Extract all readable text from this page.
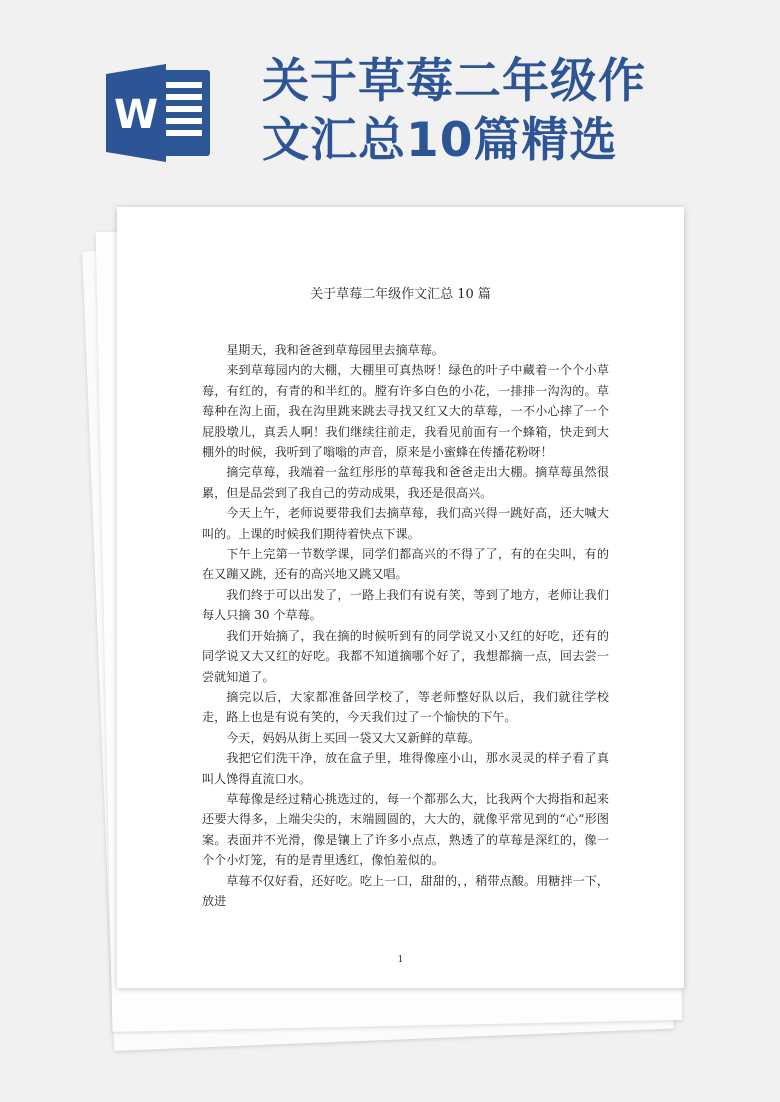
W
关于草莓二年级作
文汇总10篇精选
关于草莓二年级作文汇总 10 篇

星期天，我和爸爸到草莓园里去摘草莓。

来到草莓园内的大棚，大棚里可真热呀！绿色的叶子中藏着一个个小草莓，有红的，有青的和半红的。膛有许多白色的小花，一排排一沟沟的。草莓种在沟上面，我在沟里跳来跳去寻找又红又大的草莓，一不小心摔了一个屁股墩儿，真丢人啊！我们继续往前走，我看见前面有一个蜂箱，快走到大棚外的时候，我听到了嗡嗡的声音，原来是小蜜蜂在传播花粉呀！

摘完草莓，我端着一盆红彤彤的草莓我和爸爸走出大棚。摘草莓虽然很累，但是品尝到了我自己的劳动成果，我还是很高兴。

今天上午，老师说要带我们去摘草莓，我们高兴得一跳好高，还大喊大叫的。上课的时候我们期待着快点下课。

下午上完第一节数学课，同学们都高兴的不得了了，有的在尖叫，有的在又蹦又跳，还有的高兴地又跳又唱。

我们终于可以出发了，一路上我们有说有笑，等到了地方，老师让我们每人只摘 30 个草莓。

我们开始摘了，我在摘的时候听到有的同学说又小又红的好吃，还有的同学说又大又红的好吃。我都不知道摘哪个好了，我想都摘一点，回去尝一尝就知道了。

摘完以后，大家都准备回学校了，等老师整好队以后，我们就往学校走，路上也是有说有笑的，今天我们过了一个愉快的下午。

今天，妈妈从街上买回一袋又大又新鲜的草莓。

我把它们洗干净，放在盒子里，堆得像座小山，那水灵灵的样子看了真叫人馋得直流口水。

草莓像是经过精心挑选过的，每一个都那么大，比我两个大拇指和起来还要大得多，上端尖尖的，末端圆圆的，大大的，就像平常见到的“心“形图案。表面并不光滑，像是镶上了许多小点点，熟透了的草莓是深红的，像一个个小灯笼，有的是青里透红，像怕羞似的。

草莓不仅好看，还好吃。吃上一口，甜甜的，，稍带点酸。用糖拌一下，放进

1
